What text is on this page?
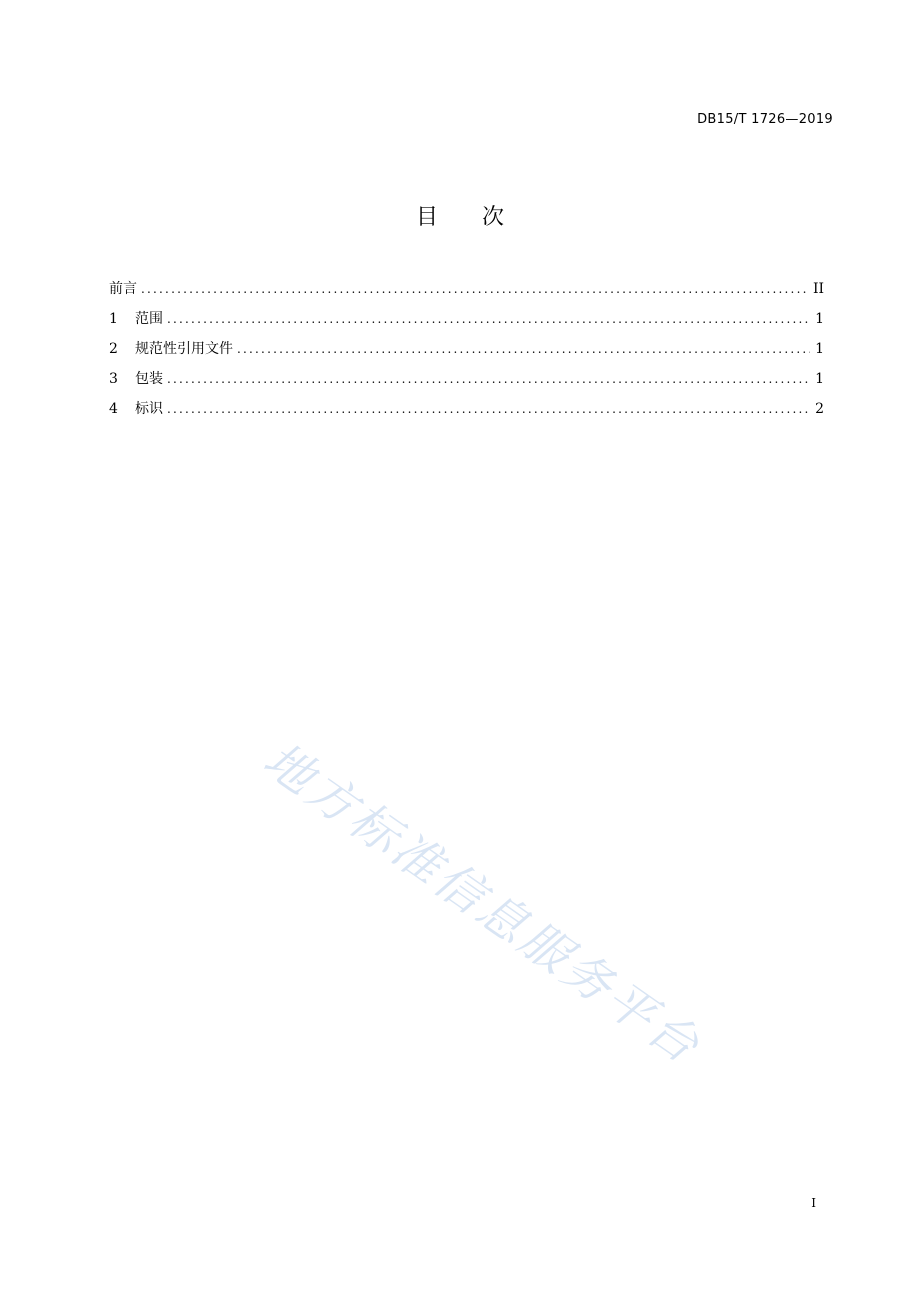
DB15/T 1726—2019
目 次
前言 .....	II
1	范围 .....	1
2	规范性引用文件 .....	1
3	包装 .....	1
4	标识 .....	2
地方标准信息服务平台
I
